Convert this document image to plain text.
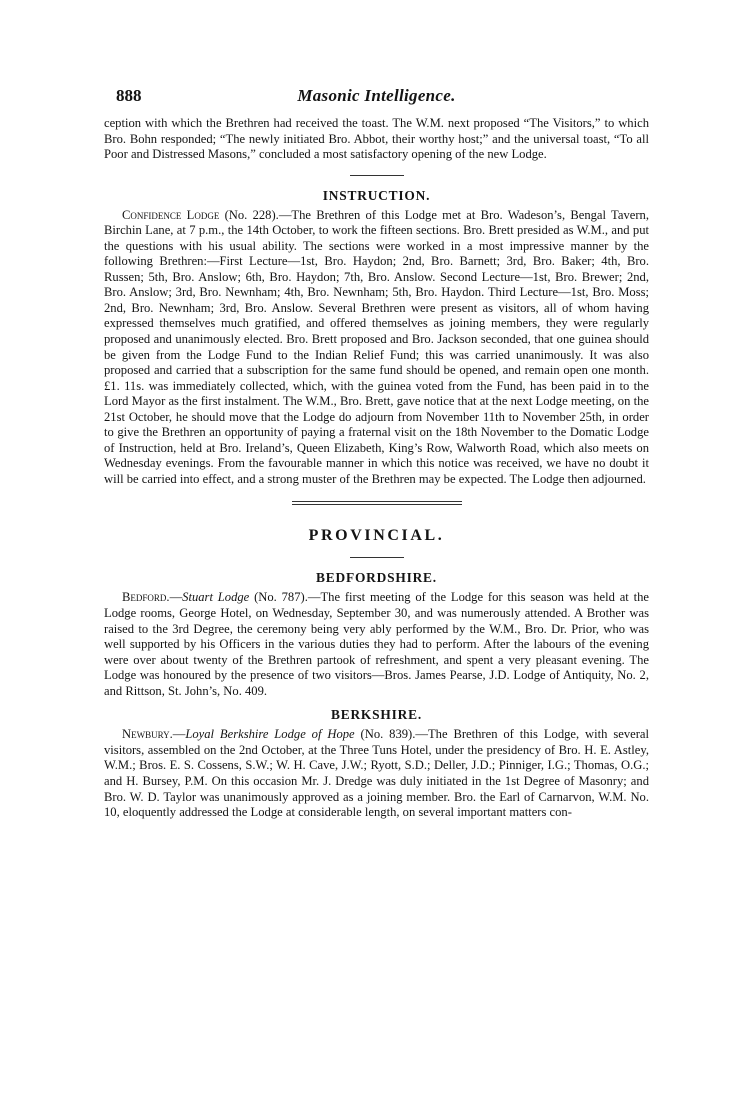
888	Masonic Intelligence.

ception with which the Brethren had received the toast. The W.M. next proposed “The Visitors,” to which Bro. Bohn responded; “The newly initiated Bro. Abbot, their worthy host;” and the universal toast, “To all Poor and Distressed Masons,” concluded a most satisfactory opening of the new Lodge.

INSTRUCTION.

Confidence Lodge (No. 228).—The Brethren of this Lodge met at Bro. Wadeson’s, Bengal Tavern, Birchin Lane, at 7 p.m., the 14th October, to work the fifteen sections. Bro. Brett presided as W.M., and put the questions with his usual ability. The sections were worked in a most impressive manner by the following Brethren:—First Lecture—1st, Bro. Haydon; 2nd, Bro. Barnett; 3rd, Bro. Baker; 4th, Bro. Russen; 5th, Bro. Anslow; 6th, Bro. Haydon; 7th, Bro. Anslow. Second Lecture—1st, Bro. Brewer; 2nd, Bro. Anslow; 3rd, Bro. Newnham; 4th, Bro. Newnham; 5th, Bro. Haydon. Third Lecture—1st, Bro. Moss; 2nd, Bro. Newnham; 3rd, Bro. Anslow. Several Brethren were present as visitors, all of whom having expressed themselves much gratified, and offered themselves as joining members, they were regularly proposed and unanimously elected. Bro. Brett proposed and Bro. Jackson seconded, that one guinea should be given from the Lodge Fund to the Indian Relief Fund; this was carried unanimously. It was also proposed and carried that a subscription for the same fund should be opened, and remain open one month. £1. 11s. was immediately collected, which, with the guinea voted from the Fund, has been paid in to the Lord Mayor as the first instalment. The W.M., Bro. Brett, gave notice that at the next Lodge meeting, on the 21st October, he should move that the Lodge do adjourn from November 11th to November 25th, in order to give the Brethren an opportunity of paying a fraternal visit on the 18th November to the Domatic Lodge of Instruction, held at Bro. Ireland’s, Queen Elizabeth, King’s Row, Walworth Road, which also meets on Wednesday evenings. From the favourable manner in which this notice was received, we have no doubt it will be carried into effect, and a strong muster of the Brethren may be expected. The Lodge then adjourned.

PROVINCIAL.
BEDFORDSHIRE.

Bedford.—Stuart Lodge (No. 787).—The first meeting of the Lodge for this season was held at the Lodge rooms, George Hotel, on Wednesday, September 30, and was numerously attended. A Brother was raised to the 3rd Degree, the ceremony being very ably performed by the W.M., Bro. Dr. Prior, who was well supported by his Officers in the various duties they had to perform. After the labours of the evening were over about twenty of the Brethren partook of refreshment, and spent a very pleasant evening. The Lodge was honoured by the presence of two visitors—Bros. James Pearse, J.D. Lodge of Antiquity, No. 2, and Rittson, St. John’s, No. 409.

BERKSHIRE.

Newbury.—Loyal Berkshire Lodge of Hope (No. 839).—The Brethren of this Lodge, with several visitors, assembled on the 2nd October, at the Three Tuns Hotel, under the presidency of Bro. H. E. Astley, W.M.; Bros. E. S. Cossens, S.W.; W. H. Cave, J.W.; Ryott, S.D.; Deller, J.D.; Pinniger, I.G.; Thomas, O.G.; and H. Bursey, P.M. On this occasion Mr. J. Dredge was duly initiated in the 1st Degree of Masonry; and Bro. W. D. Taylor was unanimously approved as a joining member. Bro. the Earl of Carnarvon, W.M. No. 10, eloquently addressed the Lodge at considerable length, on several important matters con-
